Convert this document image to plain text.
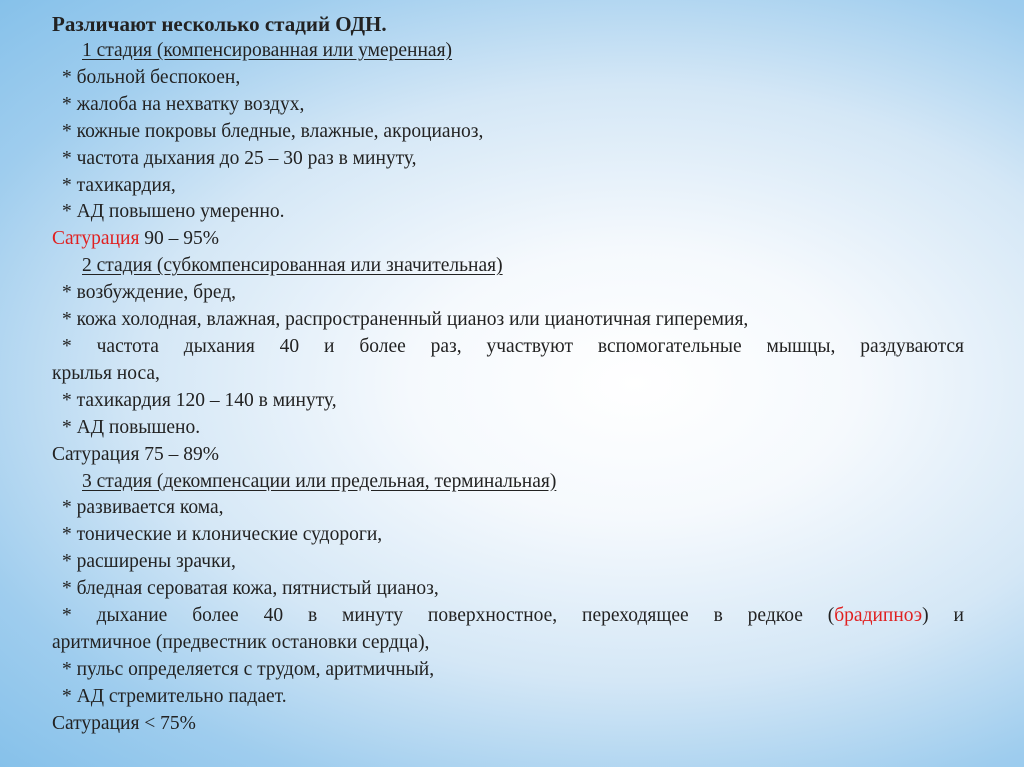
Различают несколько стадий ОДН.
1 стадия (компенсированная или умеренная)
* больной беспокоен,
* жалоба на нехватку воздух,
* кожные покровы бледные, влажные, акроцианоз,
* частота дыхания до 25 – 30 раз в минуту,
* тахикардия,
* АД повышено умеренно.
Сатурация 90 – 95%
2 стадия (субкомпенсированная или значительная)
* возбуждение, бред,
* кожа холодная, влажная, распространенный цианоз или цианотичная гиперемия,
* частота дыхания 40 и более раз, участвуют вспомогательные мышцы, раздуваются
крылья носа,
* тахикардия 120 – 140 в минуту,
* АД повышено.
Сатурация 75 – 89%
3 стадия (декомпенсации или предельная, терминальная)
* развивается кома,
* тонические и клонические судороги,
* расширены зрачки,
* бледная сероватая кожа, пятнистый цианоз,
* дыхание более 40 в минуту поверхностное, переходящее в редкое (брадипноэ) и
аритмичное (предвестник остановки сердца),
* пульс определяется с трудом, аритмичный,
* АД стремительно падает.
Сатурация < 75%
